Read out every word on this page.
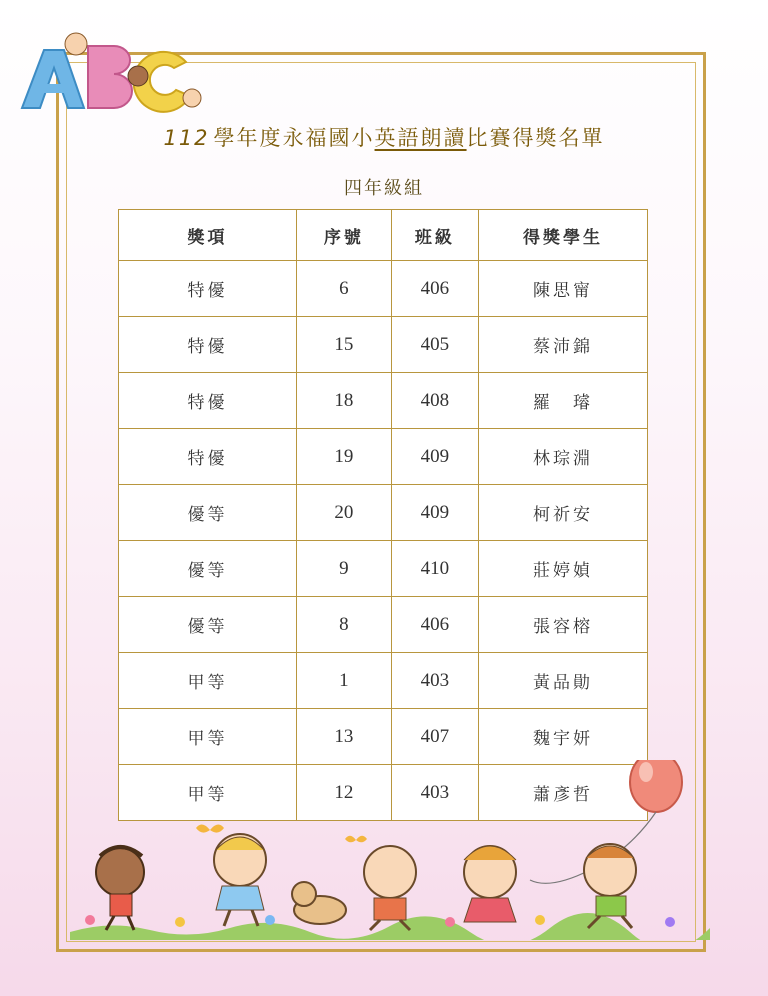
112 學年度永福國小英語朗讀比賽得獎名單
四年級組
獎項	序號	班級	得獎學生
特優	6	406	陳思甯
特優	15	405	蔡沛錦
特優	18	408	羅　璿
特優	19	409	林琮淵
優等	20	409	柯祈安
優等	9	410	莊婷媜
優等	8	406	張容榕
甲等	1	403	黃品勛
甲等	13	407	魏宇妍
甲等	12	403	蕭彥哲
